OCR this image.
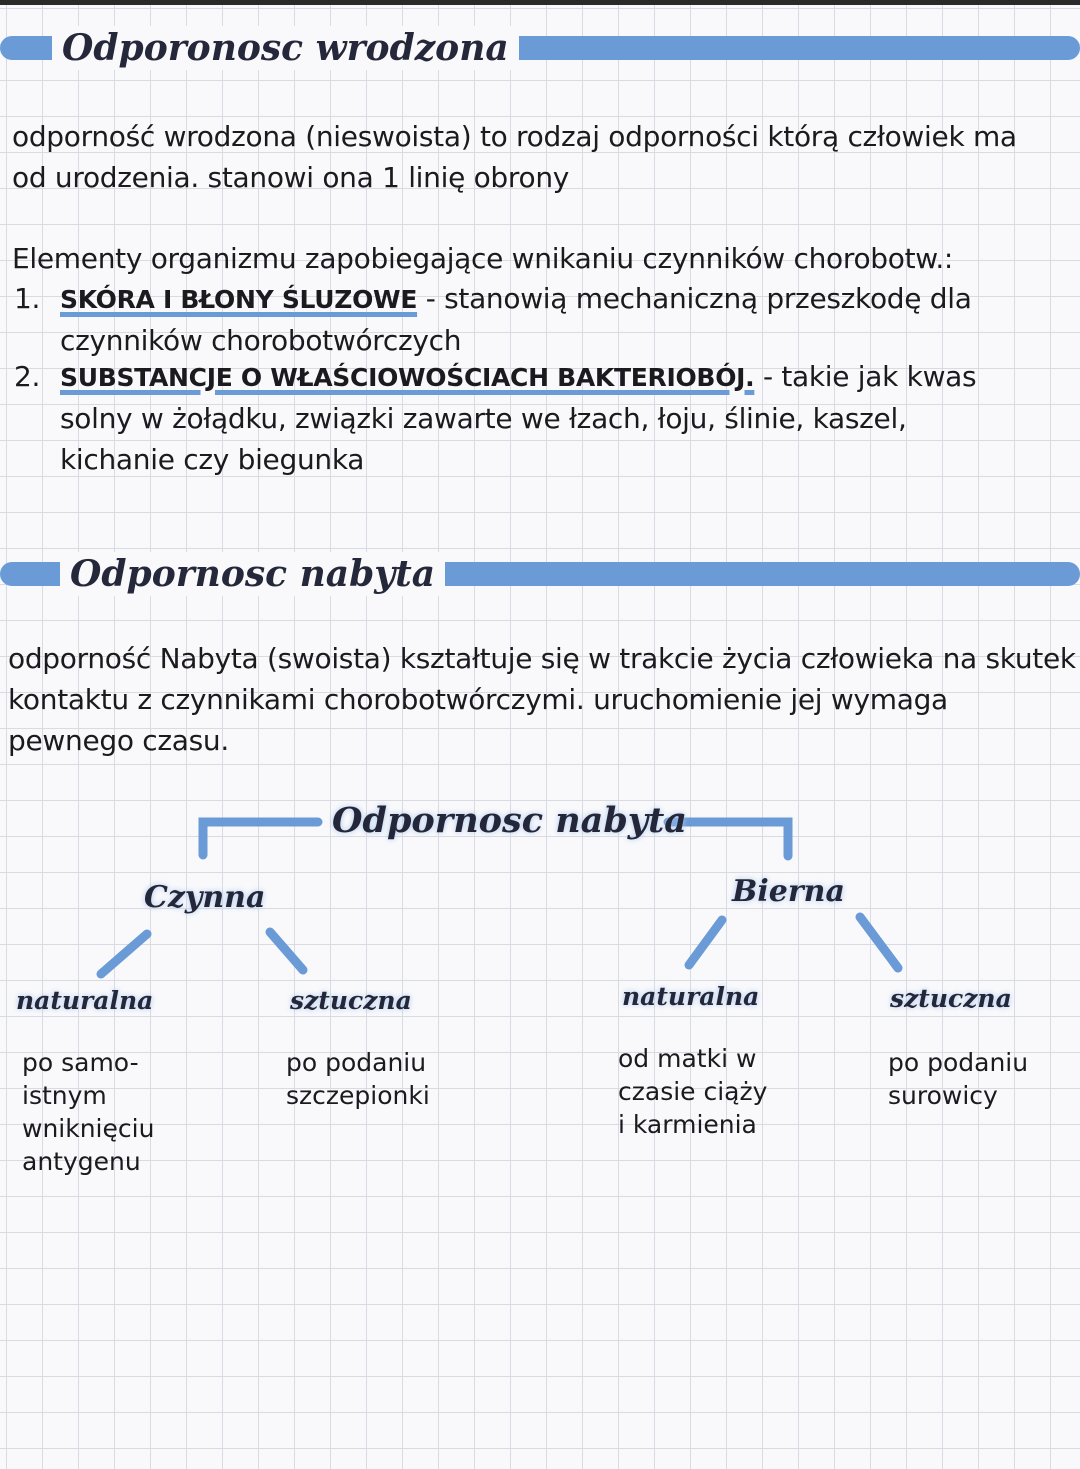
Odporonosc wrodzona

odporność wrodzona (nieswoista) to rodzaj odporności którą człowiek ma od urodzenia. stanowi ona 1 linię obrony

Elementy organizmu zapobiegające wnikaniu czynników chorobotw.:

1. SKÓRA I BŁONY ŚLUZOWE - stanowią mechaniczną przeszkodę dla
czynników chorobotwórczych
2. SUBSTANCJE O WŁAŚCIOWOŚCIACH BAKTERIOBÓJ. - takie jak kwas
solny w żołądku, związki zawarte we łzach, łoju, ślinie, kaszel,
kichanie czy biegunka
Odpornosc nabyta

odporność Nabyta (swoista) kształtuje się w trakcie życia człowieka na skutek kontaktu z czynnikami chorobotwórczymi. uruchomienie jej wymaga pewnego czasu.

Odpornosc nabyta
Czynna	Bierna
naturalna	sztuczna	naturalna	sztuczna
po samo-
istnym
wniknięciu
antygenu
po podaniu
szczepionki
od matki w
czasie ciąży
i karmienia
po podaniu
surowicy
